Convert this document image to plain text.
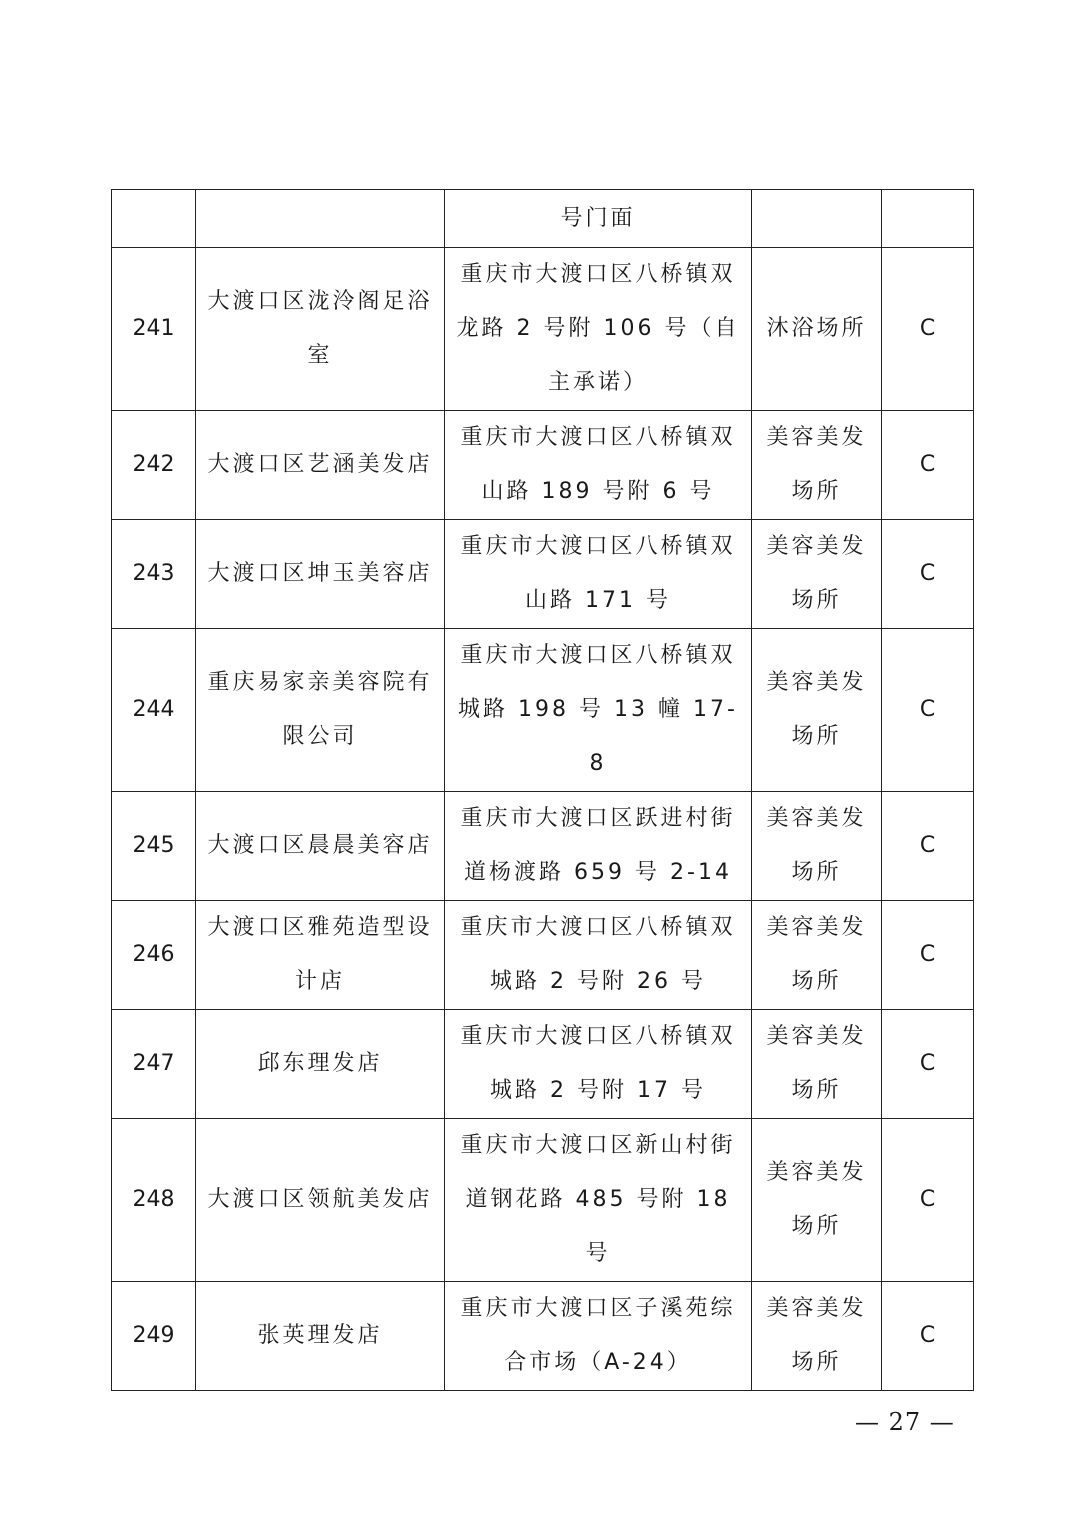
		号门面		
241	大渡口区泷泠阁足浴室	重庆市大渡口区八桥镇双龙路 2 号附 106 号（自主承诺）	沐浴场所	C
242	大渡口区艺涵美发店	重庆市大渡口区八桥镇双山路 189 号附 6 号	美容美发场所	C
243	大渡口区坤玉美容店	重庆市大渡口区八桥镇双山路 171 号	美容美发场所	C
244	重庆易家亲美容院有限公司	重庆市大渡口区八桥镇双城路 198 号 13 幢 17-8	美容美发场所	C
245	大渡口区晨晨美容店	重庆市大渡口区跃进村街道杨渡路 659 号 2-14	美容美发场所	C
246	大渡口区雅苑造型设计店	重庆市大渡口区八桥镇双城路 2 号附 26 号	美容美发场所	C
247	邱东理发店	重庆市大渡口区八桥镇双城路 2 号附 17 号	美容美发场所	C
248	大渡口区领航美发店	重庆市大渡口区新山村街道钢花路 485 号附 18 号	美容美发场所	C
249	张英理发店	重庆市大渡口区子溪苑综合市场（A-24）	美容美发场所	C
— 27 —
